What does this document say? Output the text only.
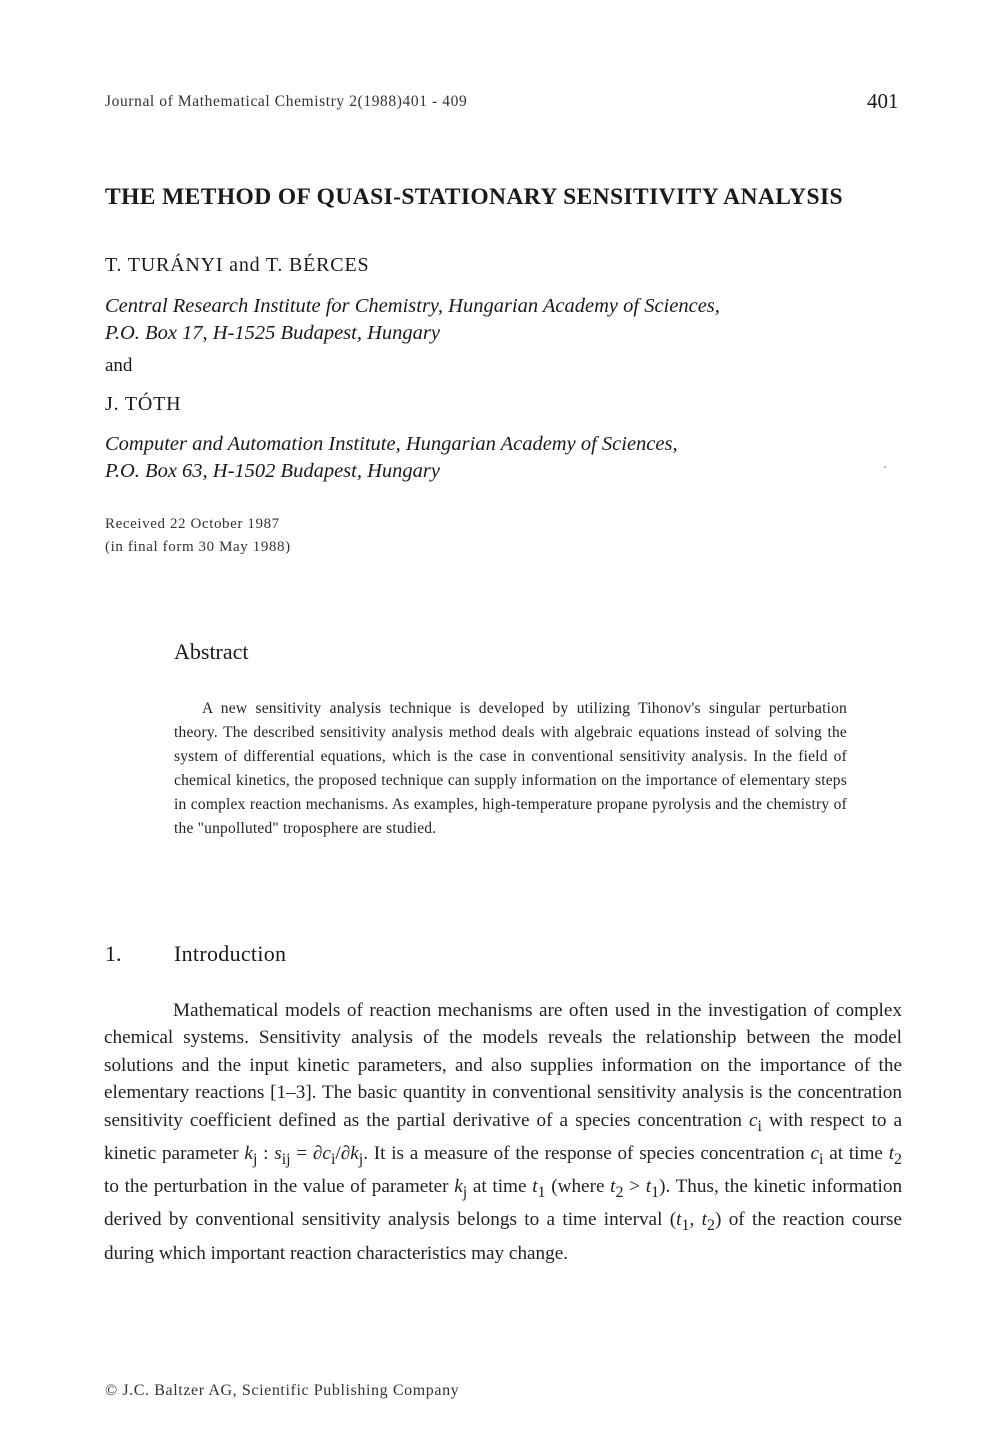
Journal of Mathematical Chemistry 2(1988)401 - 409	401
THE METHOD OF QUASI-STATIONARY SENSITIVITY ANALYSIS
T. TURÁNYI and T. BÉRCES
Central Research Institute for Chemistry, Hungarian Academy of Sciences,
P.O. Box 17, H-1525 Budapest, Hungary
and
J. TÓTH
Computer and Automation Institute, Hungarian Academy of Sciences,
P.O. Box 63, H-1502 Budapest, Hungary
Received 22 October 1987
(in final form 30 May 1988)
Abstract
A new sensitivity analysis technique is developed by utilizing Tihonov's singular perturbation theory. The described sensitivity analysis method deals with algebraic equations instead of solving the system of differential equations, which is the case in conventional sensitivity analysis. In the field of chemical kinetics, the proposed technique can supply information on the importance of elementary steps in complex reaction mechanisms. As examples, high-temperature propane pyrolysis and the chemistry of the "unpolluted" troposphere are studied.
1. Introduction
Mathematical models of reaction mechanisms are often used in the investigation of complex chemical systems. Sensitivity analysis of the models reveals the relationship between the model solutions and the input kinetic parameters, and also supplies information on the importance of the elementary reactions [1–3]. The basic quantity in conventional sensitivity analysis is the concentration sensitivity coefficient defined as the partial derivative of a species concentration $c_i$ with respect to a kinetic parameter $k_j$ : $s_{ij} = \partial c_i/\partial k_j$. It is a measure of the response of species concentration $c_i$ at time $t_2$ to the perturbation in the value of parameter $k_j$ at time $t_1$ (where $t_2 > t_1$). Thus, the kinetic information derived by conventional sensitivity analysis belongs to a time interval ($t_1$, $t_2$) of the reaction course during which important reaction characteristics may change.
© J.C. Baltzer AG, Scientific Publishing Company
